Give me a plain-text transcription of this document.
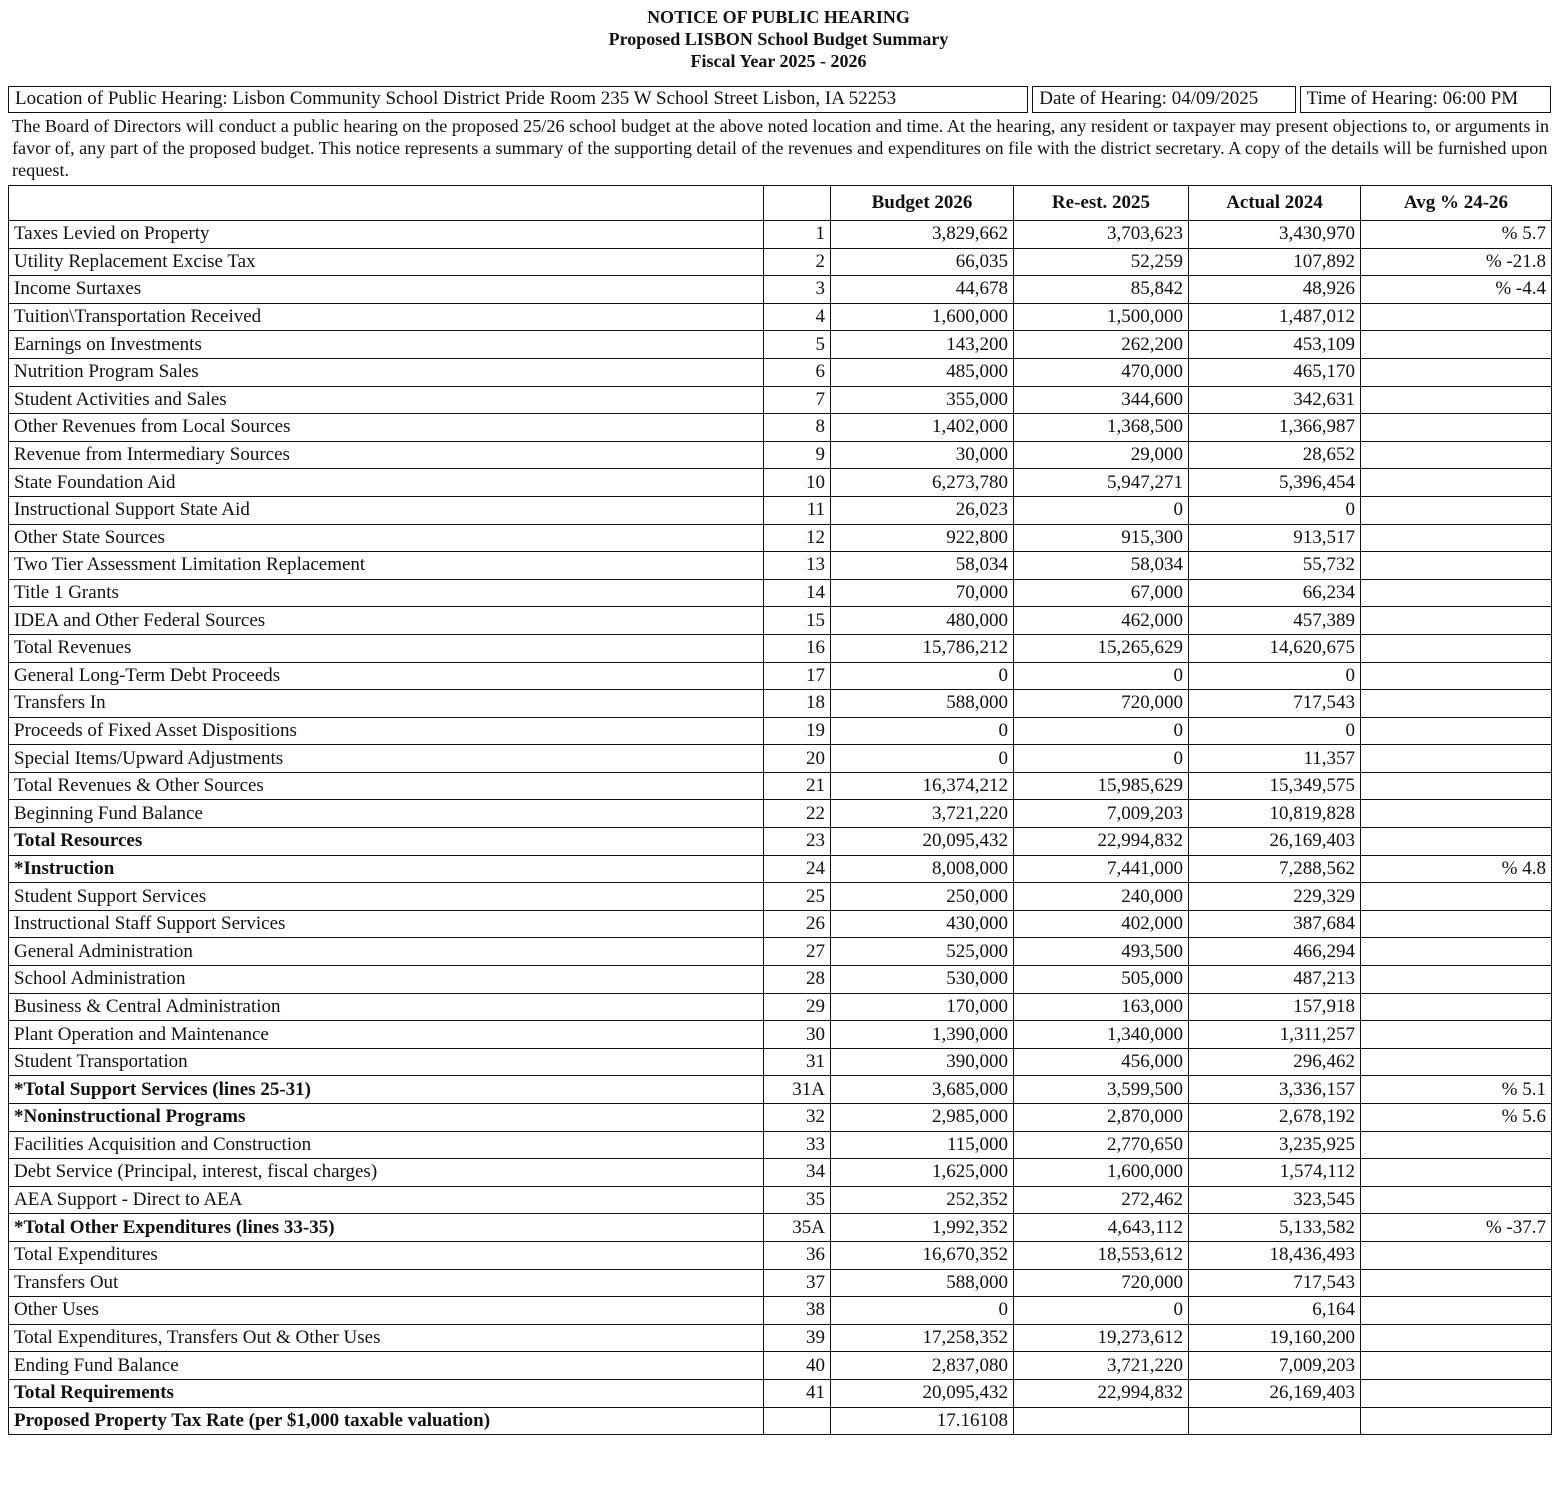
NOTICE OF PUBLIC HEARING
Proposed LISBON School Budget Summary
Fiscal Year 2025 - 2026
Location of Public Hearing: Lisbon Community School District Pride Room 235 W School Street Lisbon, IA 52253	Date of Hearing: 04/09/2025	Time of Hearing: 06:00 PM
The Board of Directors will conduct a public hearing on the proposed 25/26 school budget at the above noted location and time. At the hearing, any resident or taxpayer may present objections to, or arguments in favor of, any part of the proposed budget. This notice represents a summary of the supporting detail of the revenues and expenditures on file with the district secretary. A copy of the details will be furnished upon request.
		Budget 2026	Re-est. 2025	Actual 2024	Avg % 24-26
Taxes Levied on Property	1	3,829,662	3,703,623	3,430,970	% 5.7
Utility Replacement Excise Tax	2	66,035	52,259	107,892	% -21.8
Income Surtaxes	3	44,678	85,842	48,926	% -4.4
Tuition\Transportation Received	4	1,600,000	1,500,000	1,487,012	
Earnings on Investments	5	143,200	262,200	453,109	
Nutrition Program Sales	6	485,000	470,000	465,170	
Student Activities and Sales	7	355,000	344,600	342,631	
Other Revenues from Local Sources	8	1,402,000	1,368,500	1,366,987	
Revenue from Intermediary Sources	9	30,000	29,000	28,652	
State Foundation Aid	10	6,273,780	5,947,271	5,396,454	
Instructional Support State Aid	11	26,023	0	0	
Other State Sources	12	922,800	915,300	913,517	
Two Tier Assessment Limitation Replacement	13	58,034	58,034	55,732	
Title 1 Grants	14	70,000	67,000	66,234	
IDEA and Other Federal Sources	15	480,000	462,000	457,389	
Total Revenues	16	15,786,212	15,265,629	14,620,675	
General Long-Term Debt Proceeds	17	0	0	0	
Transfers In	18	588,000	720,000	717,543	
Proceeds of Fixed Asset Dispositions	19	0	0	0	
Special Items/Upward Adjustments	20	0	0	11,357	
Total Revenues & Other Sources	21	16,374,212	15,985,629	15,349,575	
Beginning Fund Balance	22	3,721,220	7,009,203	10,819,828	
Total Resources	23	20,095,432	22,994,832	26,169,403	
*Instruction	24	8,008,000	7,441,000	7,288,562	% 4.8
Student Support Services	25	250,000	240,000	229,329	
Instructional Staff Support Services	26	430,000	402,000	387,684	
General Administration	27	525,000	493,500	466,294	
School Administration	28	530,000	505,000	487,213	
Business & Central Administration	29	170,000	163,000	157,918	
Plant Operation and Maintenance	30	1,390,000	1,340,000	1,311,257	
Student Transportation	31	390,000	456,000	296,462	
*Total Support Services (lines 25-31)	31A	3,685,000	3,599,500	3,336,157	% 5.1
*Noninstructional Programs	32	2,985,000	2,870,000	2,678,192	% 5.6
Facilities Acquisition and Construction	33	115,000	2,770,650	3,235,925	
Debt Service (Principal, interest, fiscal charges)	34	1,625,000	1,600,000	1,574,112	
AEA Support - Direct to AEA	35	252,352	272,462	323,545	
*Total Other Expenditures (lines 33-35)	35A	1,992,352	4,643,112	5,133,582	% -37.7
Total Expenditures	36	16,670,352	18,553,612	18,436,493	
Transfers Out	37	588,000	720,000	717,543	
Other Uses	38	0	0	6,164	
Total Expenditures, Transfers Out & Other Uses	39	17,258,352	19,273,612	19,160,200	
Ending Fund Balance	40	2,837,080	3,721,220	7,009,203	
Total Requirements	41	20,095,432	22,994,832	26,169,403	
Proposed Property Tax Rate (per $1,000 taxable valuation)		17.16108			
